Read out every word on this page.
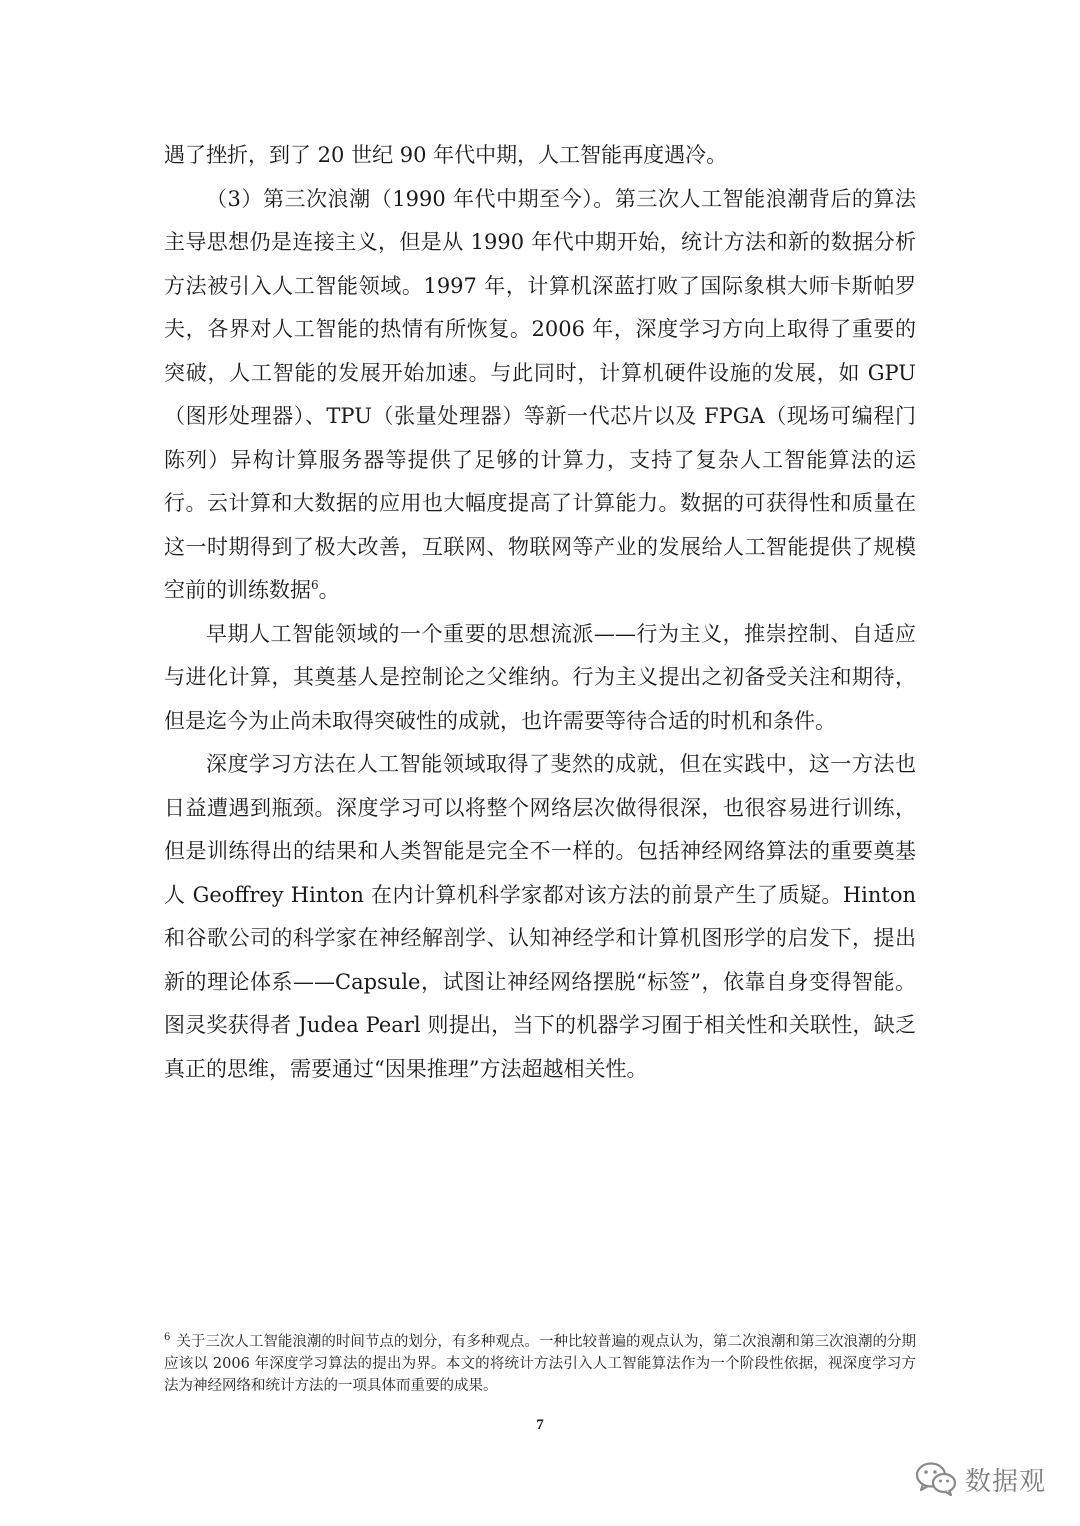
遇了挫折，到了 20 世纪 90 年代中期，人工智能再度遇冷。

（3）第三次浪潮（1990 年代中期至今）。第三次人工智能浪潮背后的算法主导思想仍是连接主义，但是从 1990 年代中期开始，统计方法和新的数据分析方法被引入人工智能领域。1997 年，计算机深蓝打败了国际象棋大师卡斯帕罗夫，各界对人工智能的热情有所恢复。2006 年，深度学习方向上取得了重要的突破，人工智能的发展开始加速。与此同时，计算机硬件设施的发展，如 GPU（图形处理器）、TPU（张量处理器）等新一代芯片以及 FPGA（现场可编程门陈列）异构计算服务器等提供了足够的计算力，支持了复杂人工智能算法的运行。云计算和大数据的应用也大幅度提高了计算能力。数据的可获得性和质量在这一时期得到了极大改善，互联网、物联网等产业的发展给人工智能提供了规模空前的训练数据$^6$。

早期人工智能领域的一个重要的思想流派——行为主义，推崇控制、自适应与进化计算，其奠基人是控制论之父维纳。行为主义提出之初备受关注和期待，但是迄今为止尚未取得突破性的成就，也许需要等待合适的时机和条件。

深度学习方法在人工智能领域取得了斐然的成就，但在实践中，这一方法也日益遭遇到瓶颈。深度学习可以将整个网络层次做得很深，也很容易进行训练，但是训练得出的结果和人类智能是完全不一样的。包括神经网络算法的重要奠基人 Geoffrey Hinton 在内计算机科学家都对该方法的前景产生了质疑。Hinton 和谷歌公司的科学家在神经解剖学、认知神经学和计算机图形学的启发下，提出新的理论体系——Capsule，试图让神经网络摆脱“标签”，依靠自身变得智能。图灵奖获得者 Judea Pearl 则提出，当下的机器学习囿于相关性和关联性，缺乏真正的思维，需要通过“因果推理”方法超越相关性。

$^6$ 关于三次人工智能浪潮的时间节点的划分，有多种观点。一种比较普遍的观点认为，第二次浪潮和第三次浪潮的分期应该以 2006 年深度学习算法的提出为界。本文的将统计方法引入人工智能算法作为一个阶段性依据，视深度学习方法为神经网络和统计方法的一项具体而重要的成果。
7
数据观
